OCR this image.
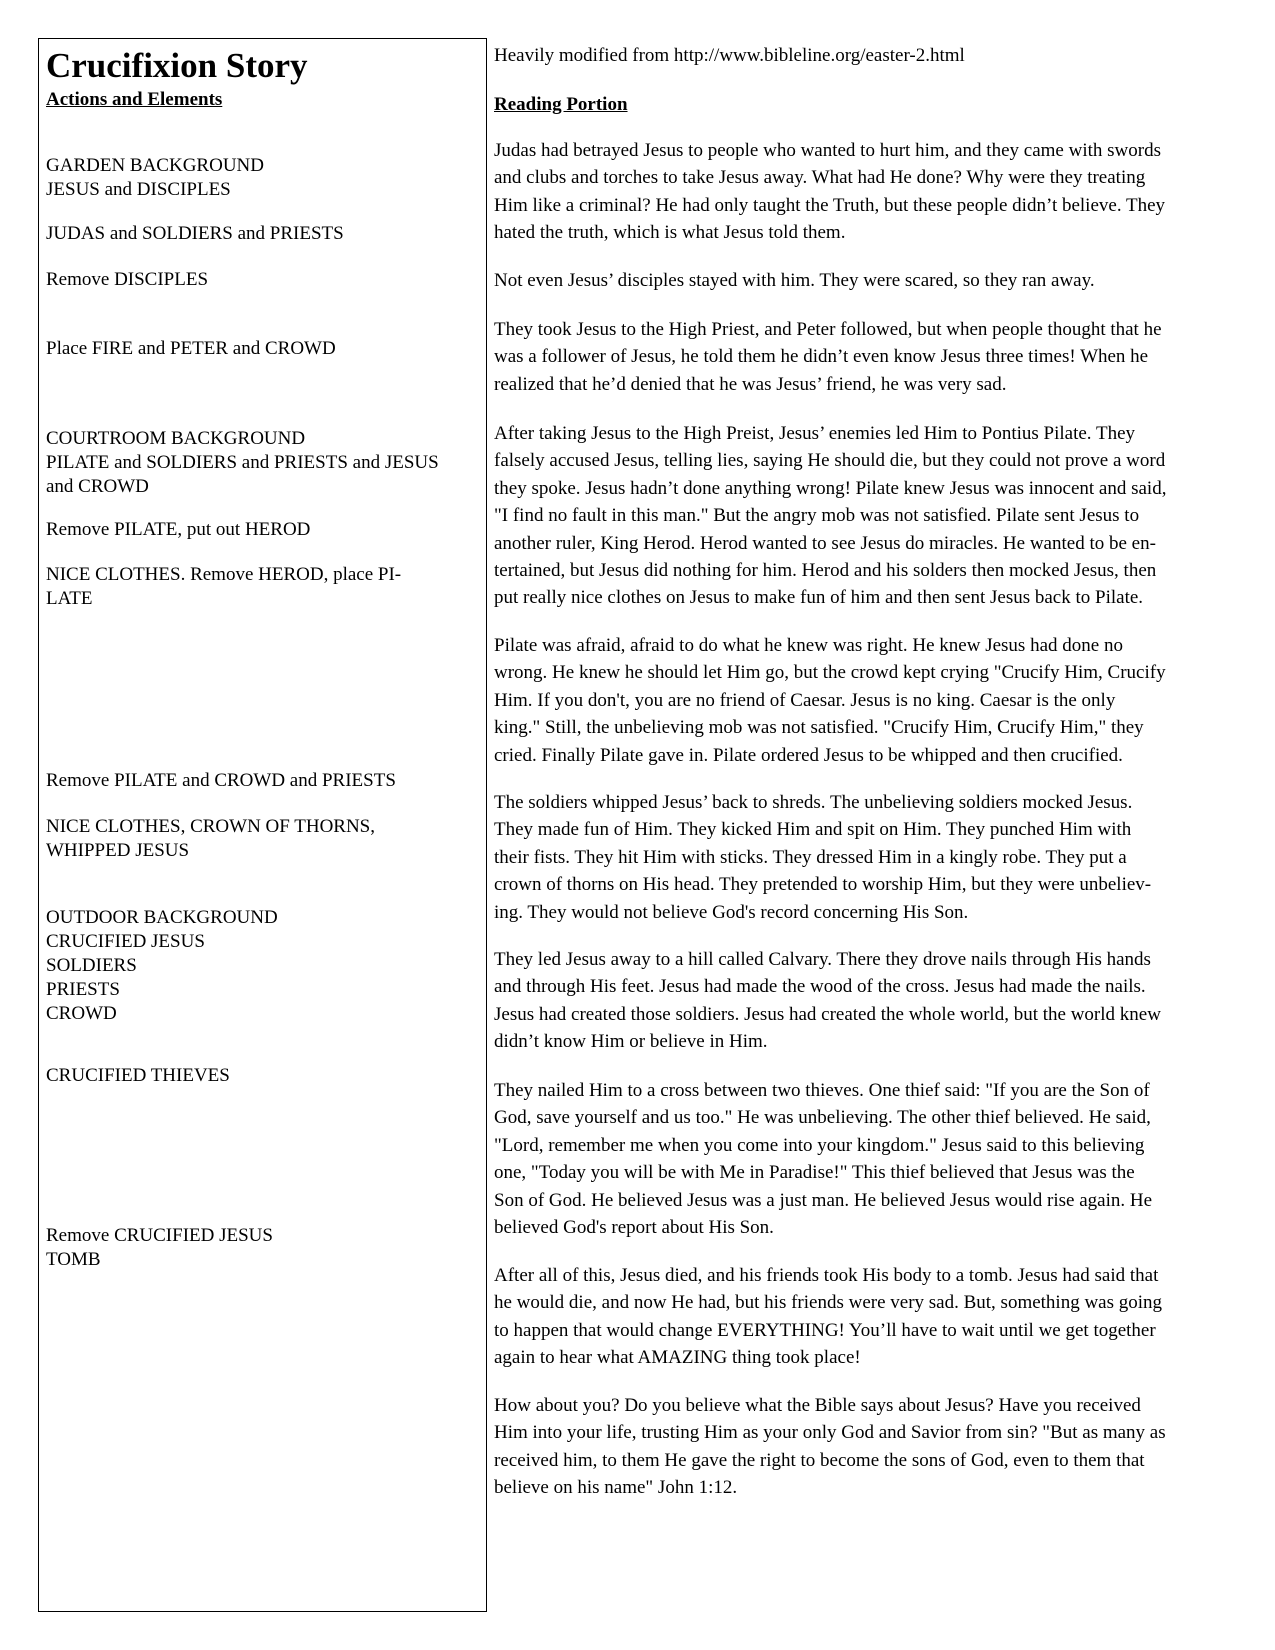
Crucifixion Story
Actions and Elements
GARDEN BACKGROUND
JESUS and DISCIPLES
JUDAS and SOLDIERS and PRIESTS
Remove DISCIPLES
Place FIRE and PETER and CROWD
COURTROOM BACKGROUND
PILATE and SOLDIERS and PRIESTS and JESUS
and CROWD
Remove PILATE, put out HEROD
NICE CLOTHES. Remove HEROD, place PI-
LATE
Remove PILATE and CROWD and PRIESTS
NICE CLOTHES, CROWN OF THORNS,
WHIPPED JESUS
OUTDOOR BACKGROUND
CRUCIFIED JESUS
SOLDIERS
PRIESTS
CROWD
CRUCIFIED THIEVES
Remove CRUCIFIED JESUS
TOMB
Heavily modified from http://www.bibleline.org/easter-2.html
Reading Portion
Judas had betrayed Jesus to people who wanted to hurt him, and they came with swords
and clubs and torches to take Jesus away. What had He done? Why were they treating
Him like a criminal? He had only taught the Truth, but these people didn’t believe. They
hated the truth, which is what Jesus told them.
Not even Jesus’ disciples stayed with him. They were scared, so they ran away.
They took Jesus to the High Priest, and Peter followed, but when people thought that he
was a follower of Jesus, he told them he didn’t even know Jesus three times! When he
realized that he’d denied that he was Jesus’ friend, he was very sad.
After taking Jesus to the High Preist, Jesus’ enemies led Him to Pontius Pilate. They
falsely accused Jesus, telling lies, saying He should die, but they could not prove a word
they spoke. Jesus hadn’t done anything wrong! Pilate knew Jesus was innocent and said,
"I find no fault in this man." But the angry mob was not satisfied. Pilate sent Jesus to
another ruler, King Herod. Herod wanted to see Jesus do miracles. He wanted to be en-
tertained, but Jesus did nothing for him. Herod and his solders then mocked Jesus, then
put really nice clothes on Jesus to make fun of him and then sent Jesus back to Pilate.
Pilate was afraid, afraid to do what he knew was right. He knew Jesus had done no
wrong. He knew he should let Him go, but the crowd kept crying "Crucify Him, Crucify
Him. If you don't, you are no friend of Caesar. Jesus is no king. Caesar is the only
king." Still, the unbelieving mob was not satisfied. "Crucify Him, Crucify Him," they
cried. Finally Pilate gave in. Pilate ordered Jesus to be whipped and then crucified.
The soldiers whipped Jesus’ back to shreds. The unbelieving soldiers mocked Jesus.
They made fun of Him. They kicked Him and spit on Him. They punched Him with
their fists. They hit Him with sticks. They dressed Him in a kingly robe. They put a
crown of thorns on His head. They pretended to worship Him, but they were unbeliev-
ing. They would not believe God's record concerning His Son.
They led Jesus away to a hill called Calvary. There they drove nails through His hands
and through His feet. Jesus had made the wood of the cross. Jesus had made the nails.
Jesus had created those soldiers. Jesus had created the whole world, but the world knew
didn’t know Him or believe in Him.
They nailed Him to a cross between two thieves. One thief said: "If you are the Son of
God, save yourself and us too." He was unbelieving. The other thief believed. He said,
"Lord, remember me when you come into your kingdom." Jesus said to this believing
one, "Today you will be with Me in Paradise!" This thief believed that Jesus was the
Son of God. He believed Jesus was a just man. He believed Jesus would rise again. He
believed God's report about His Son.
After all of this, Jesus died, and his friends took His body to a tomb. Jesus had said that
he would die, and now He had, but his friends were very sad. But, something was going
to happen that would change EVERYTHING! You’ll have to wait until we get together
again to hear what AMAZING thing took place!
How about you? Do you believe what the Bible says about Jesus? Have you received
Him into your life, trusting Him as your only God and Savior from sin? "But as many as
received him, to them He gave the right to become the sons of God, even to them that
believe on his name" John 1:12.
